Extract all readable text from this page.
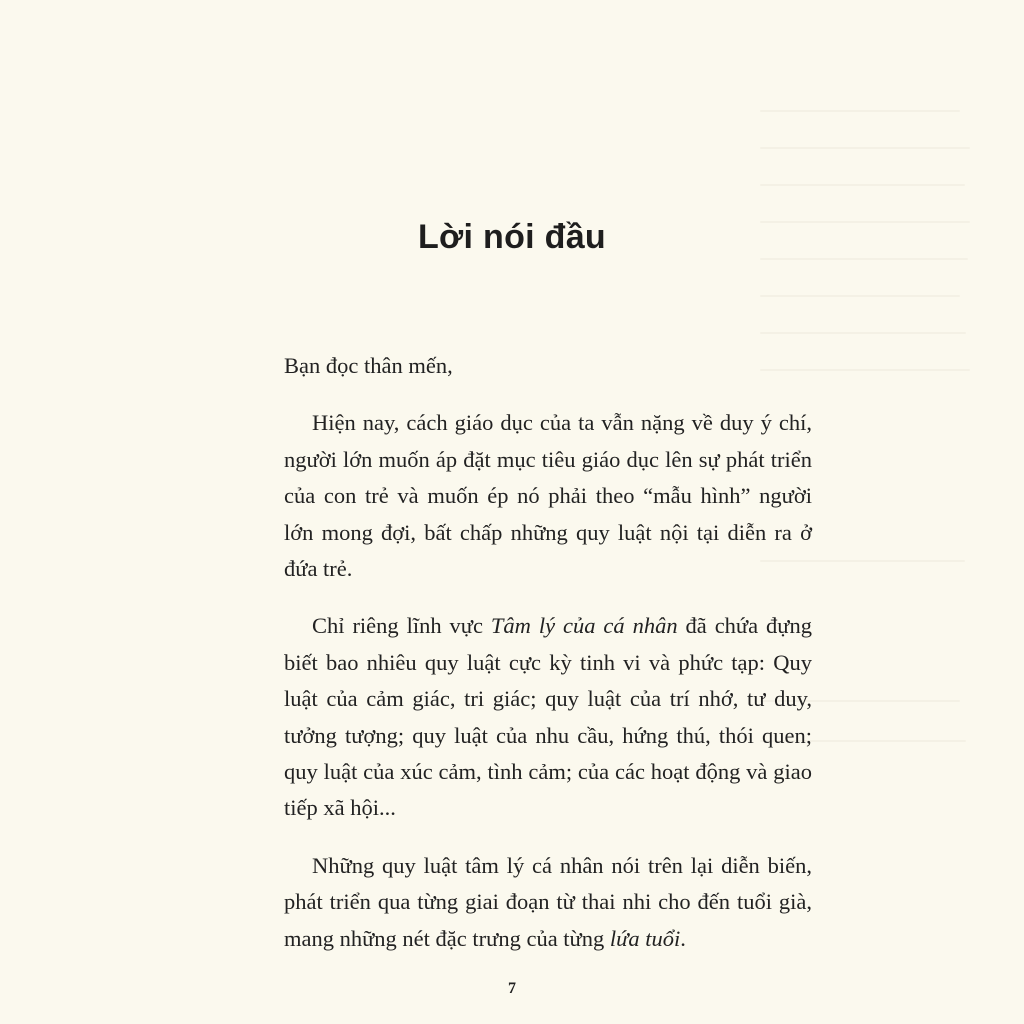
Lời nói đầu

Bạn đọc thân mến,

Hiện nay, cách giáo dục của ta vẫn nặng về duy ý chí, người lớn muốn áp đặt mục tiêu giáo dục lên sự phát triển của con trẻ và muốn ép nó phải theo “mẫu hình” người lớn mong đợi, bất chấp những quy luật nội tại diễn ra ở đứa trẻ.

Chỉ riêng lĩnh vực Tâm lý của cá nhân đã chứa đựng biết bao nhiêu quy luật cực kỳ tinh vi và phức tạp: Quy luật của cảm giác, tri giác; quy luật của trí nhớ, tư duy, tưởng tượng; quy luật của nhu cầu, hứng thú, thói quen; quy luật của xúc cảm, tình cảm; của các hoạt động và giao tiếp xã hội...

Những quy luật tâm lý cá nhân nói trên lại diễn biến, phát triển qua từng giai đoạn từ thai nhi cho đến tuổi già, mang những nét đặc trưng của từng lứa tuổi.

7
